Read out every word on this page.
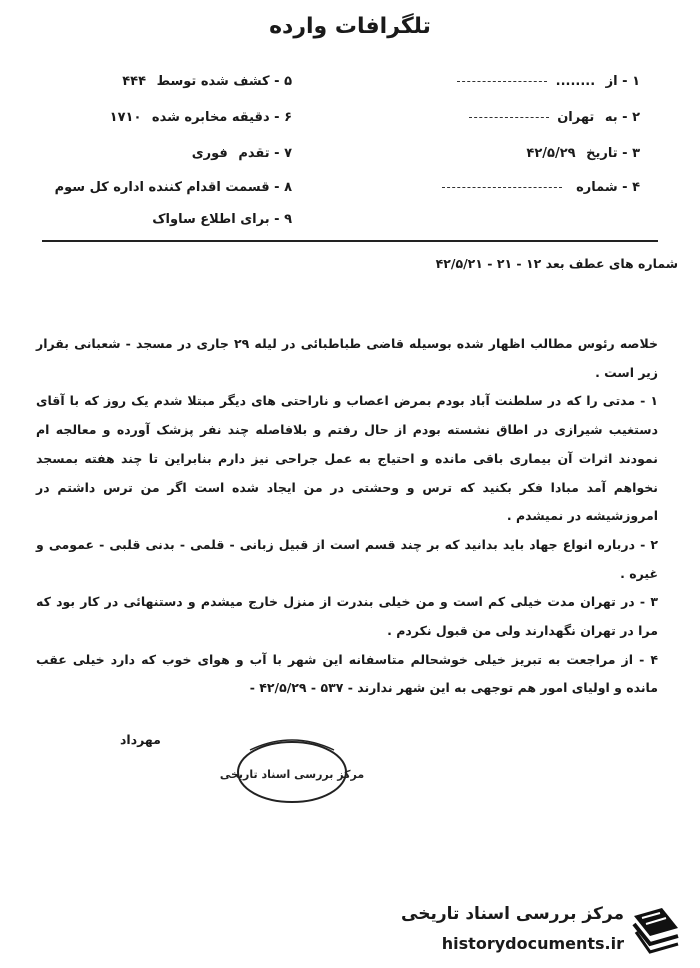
تلگرافات وارده
۱ - از ........
۲ - به تهران
۳ - تاریخ ۴۲/۵/۲۹
۴ - شماره
۵ - کشف شده توسط ۴۴۴
۶ - دقیقه مخابره شده ۱۷۱۰
۷ - تقدم فوری
۸ - قسمت اقدام کننده اداره کل سوم
۹ - برای اطلاع ساواک
شماره های عطف بعد ۱۲ - ۲۱ - ۴۲/۵/۲۱

خلاصه رئوس مطالب اظهار شده بوسیله قاضی طباطبائی در لیله ۲۹ جاری در مسجد - شعبانی بقرار زیر است .

۱ - مدتی را که در سلطنت آباد بودم بمرض اعصاب و ناراحتی های دیگر مبتلا شدم یک روز که با آقای دستغیب شیرازی در اطاق نشسته بودم از حال رفتم و بلافاصله چند نفر پزشک آورده و معالجه ام نمودند اثرات آن بیماری باقی مانده و احتیاج به عمل جراحی نیز دارم بنابراین تا چند هفته بمسجد نخواهم آمد مبادا فکر بکنید که ترس و وحشتی در من ایجاد شده است اگر من ترس داشتم در امروزشیشه در نمیشدم .

۲ - درباره انواع جهاد باید بدانید که بر چند قسم است از قبیل زبانی - قلمی - بدنی قلبی - عمومی و غیره .

۳ - در تهران مدت خیلی کم است و من خیلی بندرت از منزل خارج میشدم و دستنهائی در کار بود که مرا در تهران نگهدارند ولی من قبول نکردم .

۴ - از مراجعت به تبریز خیلی خوشحالم متاسفانه این شهر با آب و هوای خوب که دارد خیلی عقب مانده و اولیای امور هم توجهی به این شهر ندارند - ۵۳۷ - ۴۲/۵/۲۹ -

مهرداد
مرکز بررسی اسناد تاریخی
مرکز بررسی اسناد تاریخی
historydocuments.ir
